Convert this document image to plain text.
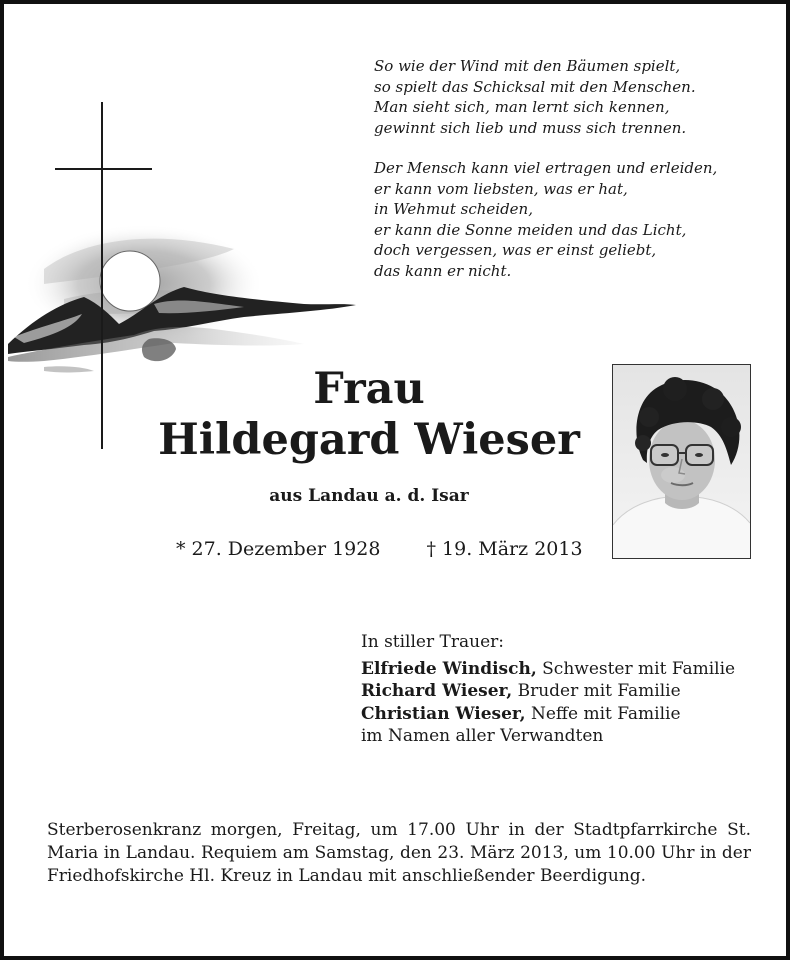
So wie der Wind mit den Bäumen spielt,
so spielt das Schicksal mit den Menschen.
Man sieht sich, man lernt sich kennen,
gewinnt sich lieb und muss sich trennen.
Der Mensch kann viel ertragen und erleiden,
er kann vom liebsten, was er hat,
in Wehmut scheiden,
er kann die Sonne meiden und das Licht,
doch vergessen, was er einst geliebt,
das kann er nicht.
Frau
Hildegard Wieser
aus Landau a. d. Isar
* 27. Dezember 1928 † 19. März 2013
In stiller Trauer:
Elfriede Windisch, Schwester mit Familie
Richard Wieser, Bruder mit Familie
Christian Wieser, Neffe mit Familie
im Namen aller Verwandten
Sterberosenkranz morgen, Freitag, um 17.00 Uhr in der Stadtpfarrkirche St. Maria in Landau. Requiem am Samstag, den 23. März 2013, um 10.00 Uhr in der Friedhofskirche Hl. Kreuz in Landau mit anschließender Beerdigung.
